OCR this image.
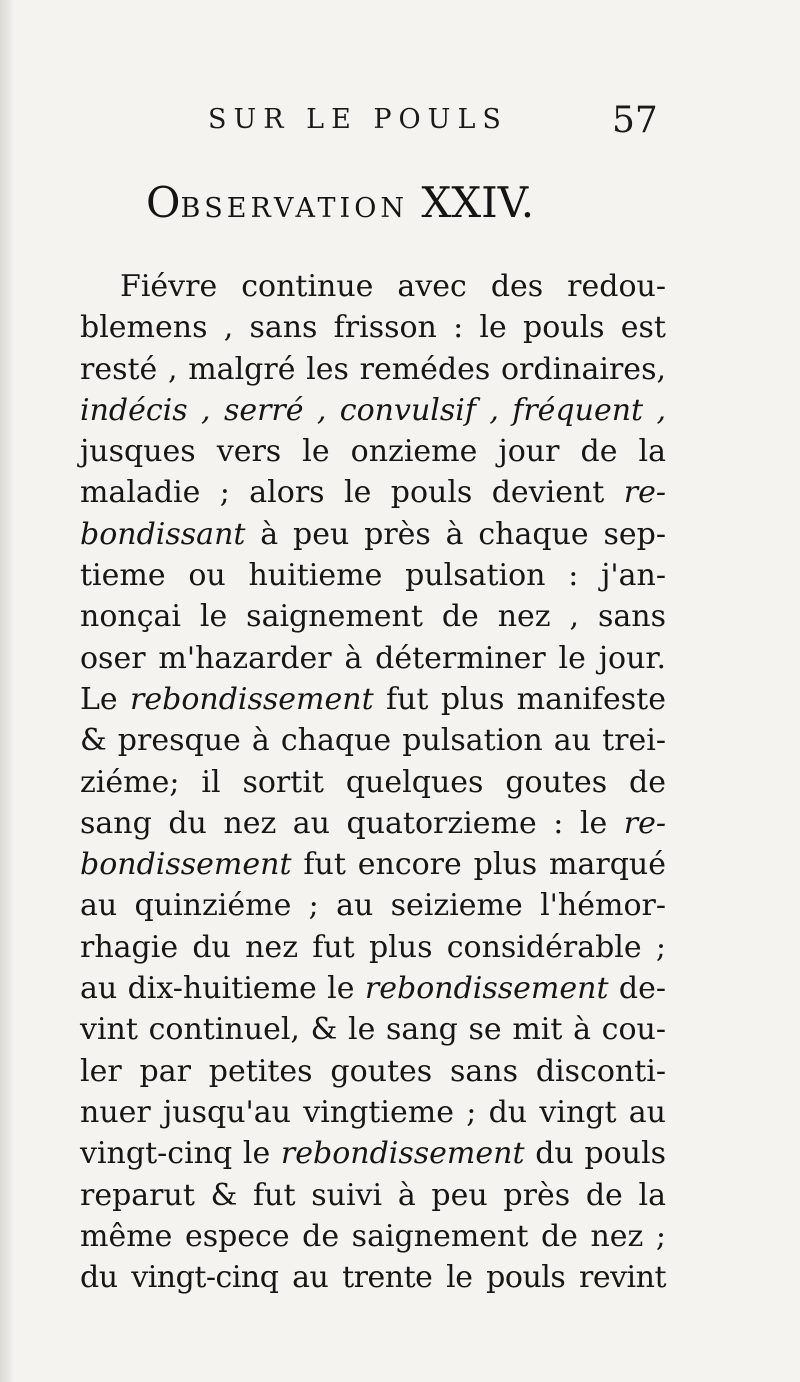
SUR LE POULS	57
OBSERVATION XXIV.
Fiévre continue avec des redou-
blemens , sans frisson : le pouls est
resté , malgré les remédes ordinaires,
indécis , serré , convulsif , fréquent ,
jusques vers le onzieme jour de la
maladie ; alors le pouls devient re-
bondissant à peu près à chaque sep-
tieme ou huitieme pulsation : j'an-
nonçai le saignement de nez , sans
oser m'hazarder à déterminer le jour.
Le rebondissement fut plus manifeste
& presque à chaque pulsation au trei-
ziéme; il sortit quelques goutes de
sang du nez au quatorzieme : le re-
bondissement fut encore plus marqué
au quinziéme ; au seizieme l'hémor-
rhagie du nez fut plus considérable ;
au dix-huitieme le rebondissement de-
vint continuel, & le sang se mit à cou-
ler par petites goutes sans disconti-
nuer jusqu'au vingtieme ; du vingt au
vingt-cinq le rebondissement du pouls
reparut & fut suivi à peu près de la
même espece de saignement de nez ;
du vingt-cinq au trente le pouls revint
